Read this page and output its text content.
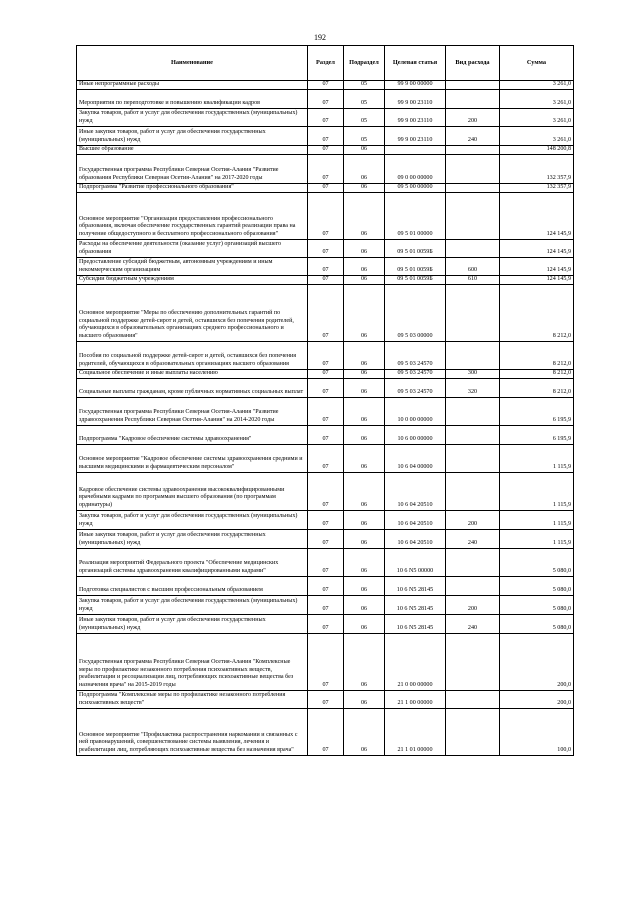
192
Наименование	Раздел	Подраздел	Целевая статья	Вид расхода	Сумма
Иные непрограммные расходы	07	05	99 9 00 00000		3 261,0
Мероприятия по переподготовке и повышению квалификации кадров	07	05	99 9 00 23110		3 261,0
Закупка товаров, работ и услуг для обеспечения государственных (муниципальных) нужд	07	05	99 9 00 23110	200	3 261,0
Иные закупки товаров, работ и услуг для обеспечения государственных (муниципальных) нужд	07	05	99 9 00 23110	240	3 261,0
Высшее образование	07	06			148 200,8
Государственная программа Республики Северная Осетия-Алания "Развитие образования Республики Северная Осетия-Алания" на 2017-2020 годы	07	06	09 0 00 00000		132 357,9
Подпрограмма "Развитие профессионального образования"	07	06	09 5 00 00000		132 357,9
Основное мероприятие "Организация предоставления профессионального образования, включая обеспечение государственных гарантий реализации права на получение общедоступного и бесплатного профессионального образования"	07	06	09 5 01 00000		124 145,9
Расходы на обеспечение деятельности (оказание услуг) организаций высшего образования	07	06	09 5 01 0059Б		124 145,9
Предоставление субсидий бюджетным, автономным учреждениям и иным некоммерческим организациям	07	06	09 5 01 0059Б	600	124 145,9
Субсидии бюджетным учреждениям	07	06	09 5 01 0059Б	610	124 145,9
Основное мероприятие "Меры по обеспечению дополнительных гарантий по социальной поддержке детей-сирот и детей, оставшихся без попечения родителей, обучающихся в образовательных организациях среднего профессионального и высшего образования"	07	06	09 5 03 00000		8 212,0
Пособия по социальной поддержке детей-сирот и детей, оставшихся без попечения родителей, обучающихся в образовательных организациях высшего образования	07	06	09 5 03 24570		8 212,0
Социальное обеспечение и иные выплаты населению	07	06	09 5 03 24570	300	8 212,0
Социальные выплаты гражданам, кроме публичных нормативных социальных выплат	07	06	09 5 03 24570	320	8 212,0
Государственная программа Республики Северная Осетия-Алания "Развитие здравоохранения Республики Северная Осетия-Алания" на 2014-2020 годы	07	06	10 0 00 00000		6 195,9
Подпрограмма "Кадровое обеспечение системы здравоохранения"	07	06	10 6 00 00000		6 195,9
Основное мероприятие "Кадровое обеспечение системы здравоохранения средними и высшими медицинскими и фармацевтическим персоналом"	07	06	10 6 04 00000		1 115,9
Кадровое обеспечение системы здравоохранения высококвалифицированными врачебными кадрами по программам высшего образования (по программам ординатуры)	07	06	10 6 04 20510		1 115,9
Закупка товаров, работ и услуг для обеспечения государственных (муниципальных) нужд	07	06	10 6 04 20510	200	1 115,9
Иные закупки товаров, работ и услуг для обеспечения государственных (муниципальных) нужд	07	06	10 6 04 20510	240	1 115,9
Реализация мероприятий Федерального проекта "Обеспечение медицинских организаций системы здравоохранения квалифицированными кадрами"	07	06	10 6 N5 00000		5 080,0
Подготовка специалистов с высшим профессиональным образованием	07	06	10 6 N5 28145		5 080,0
Закупка товаров, работ и услуг для обеспечения государственных (муниципальных) нужд	07	06	10 6 N5 28145	200	5 080,0
Иные закупки товаров, работ и услуг для обеспечения государственных (муниципальных) нужд	07	06	10 6 N5 28145	240	5 080,0
Государственная программа Республики Северная Осетия-Алания "Комплексные меры по профилактике незаконного потребления психоактивных веществ, реабилитации и ресоциализации лиц, потребляющих психоактивные вещества без назначения врача" на 2015-2019 годы	07	06	21 0 00 00000		200,0
Подпрограмма "Комплексные меры по профилактике незаконного потребления психоактивных веществ"	07	06	21 1 00 00000		200,0
Основное мероприятие "Профилактика распространения наркомании и связанных с ней правонарушений, совершенствование системы выявления, лечения и реабилитации лиц, потребляющих психоактивные вещества без назначения врача"	07	06	21 1 01 00000		100,0
